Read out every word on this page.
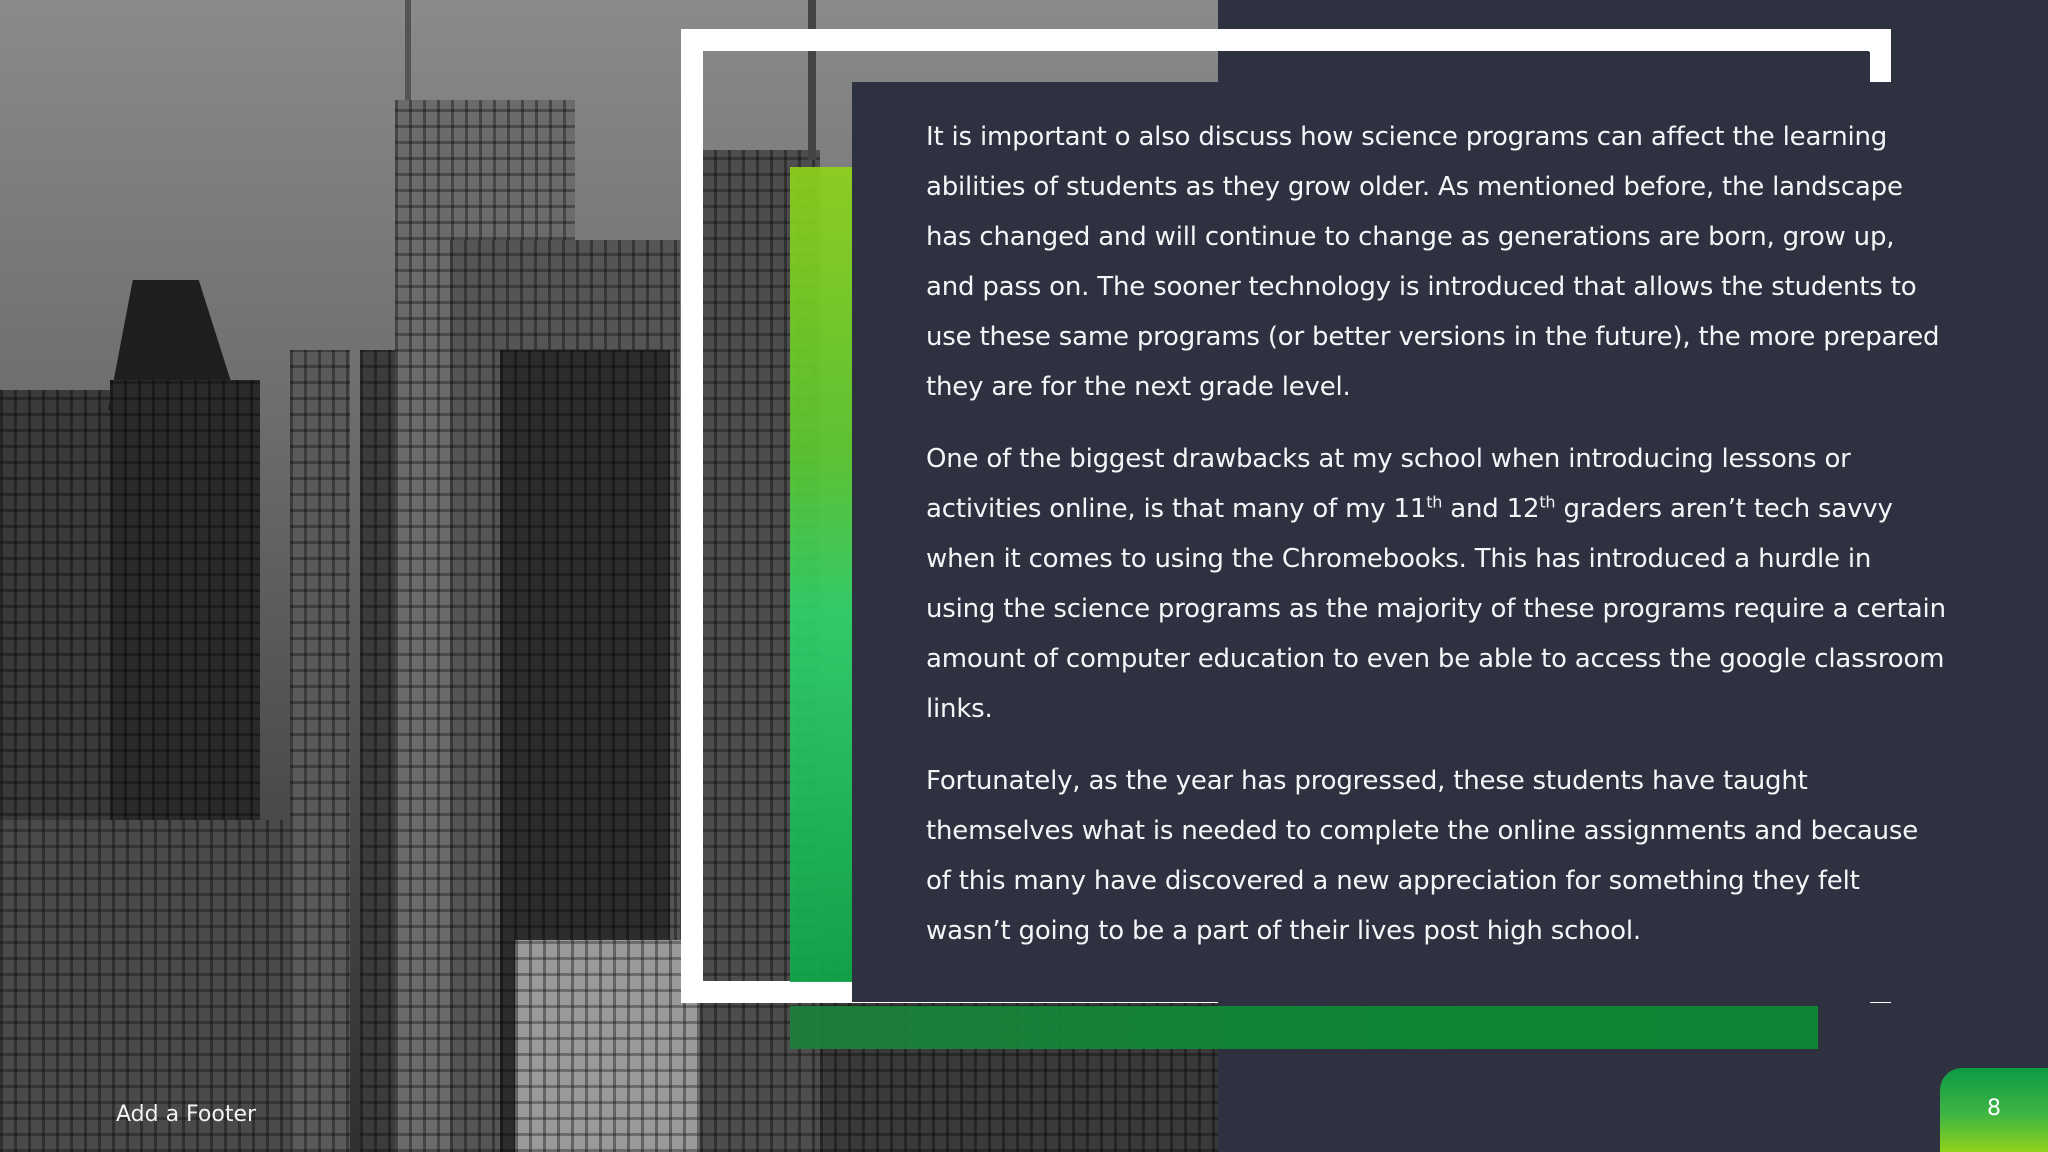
It is important o also discuss how science programs can affect the learning abilities of students as they grow older. As mentioned before, the landscape has changed and will continue to change as generations are born, grow up, and pass on. The sooner technology is introduced that allows the students to use these same programs (or better versions in the future), the more prepared they are for the next grade level.

One of the biggest drawbacks at my school when introducing lessons or activities online, is that many of my 11th and 12th graders aren’t tech savvy when it comes to using the Chromebooks. This has introduced a hurdle in using the science programs as the majority of these programs require a certain amount of computer education to even be able to access the google classroom links.

Fortunately, as the year has progressed, these students have taught themselves what is needed to complete the online assignments and because of this many have discovered a new appreciation for something they felt wasn’t going to be a part of their lives post high school.

Add a Footer	8
